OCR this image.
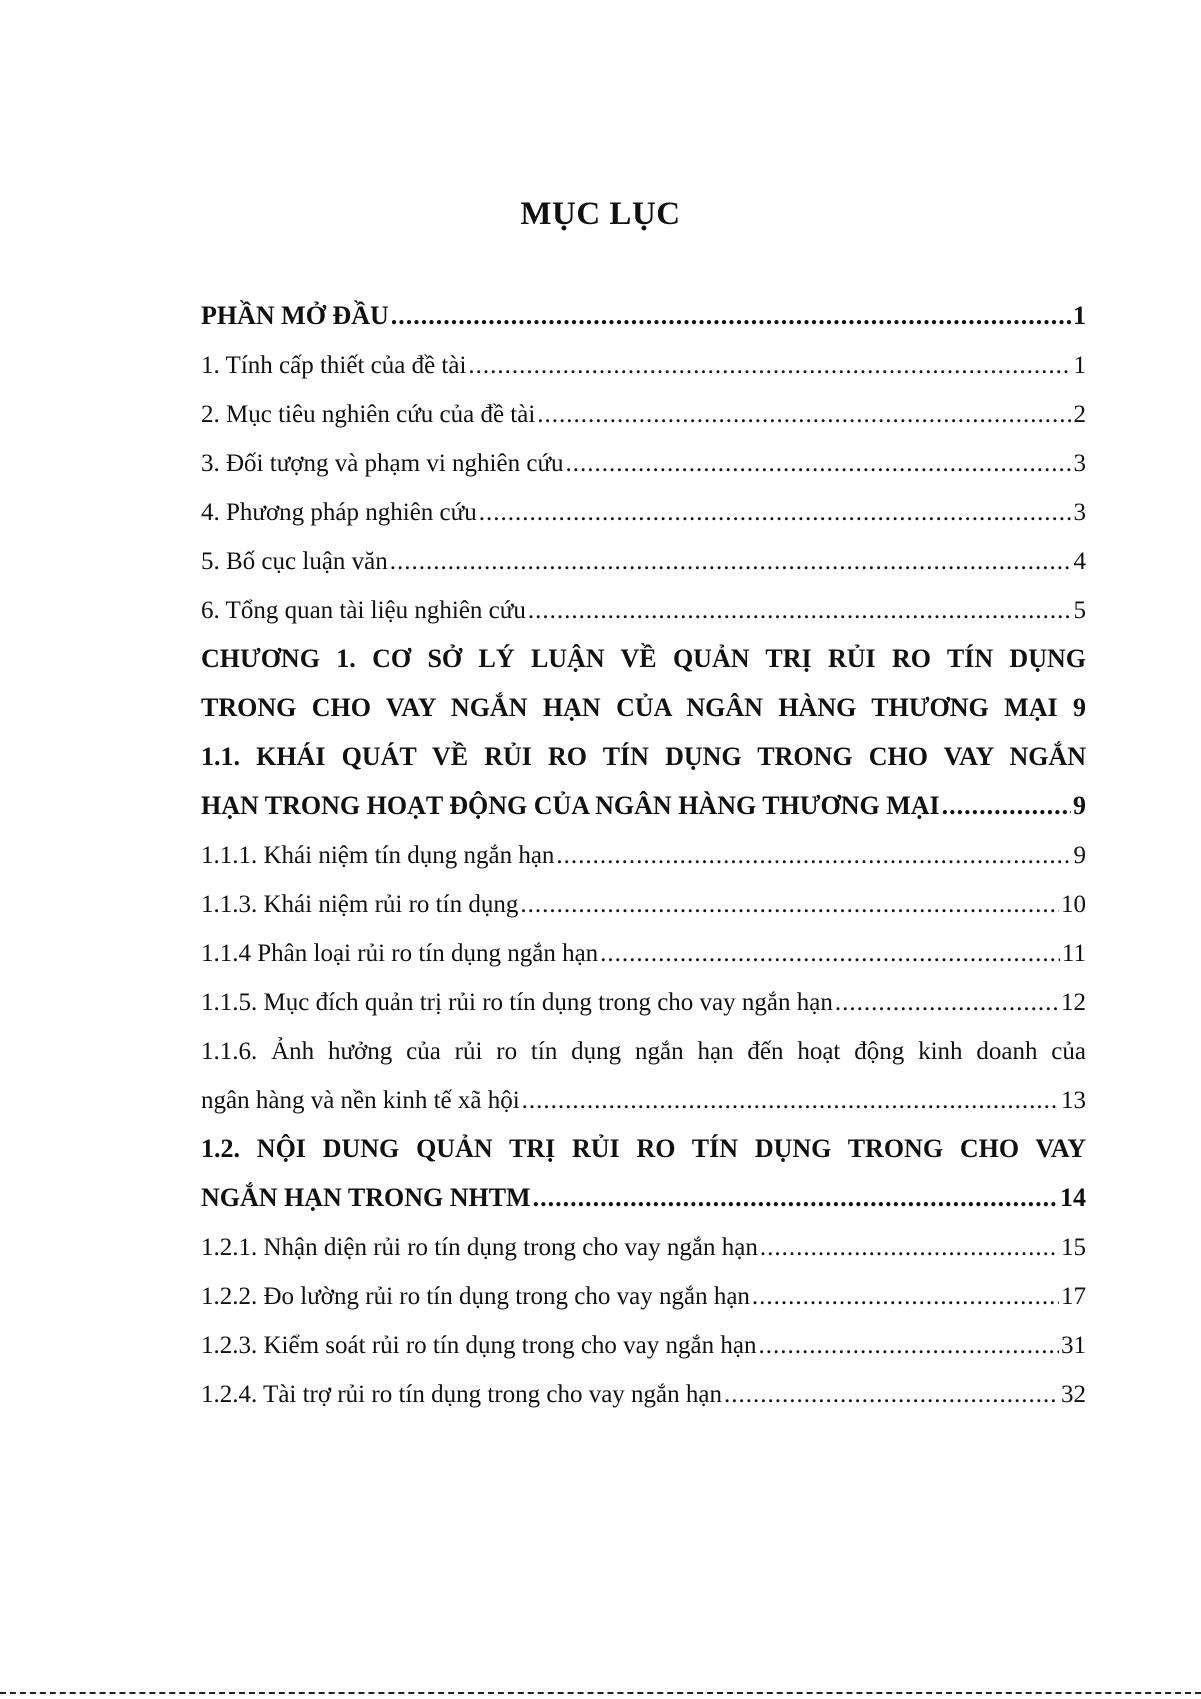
MỤC LỤC
PHẦN MỞ ĐẦU .....	1
1. Tính cấp thiết của đề tài .....	1
2. Mục tiêu nghiên cứu của đề tài .....	2
3. Đối tượng và phạm vi nghiên cứu .....	3
4. Phương pháp nghiên cứu .....	3
5. Bố cục luận văn .....	4
6. Tổng quan tài liệu nghiên cứu .....	5
CHƯƠNG 1. CƠ SỞ LÝ LUẬN VỀ QUẢN TRỊ RỦI RO TÍN DỤNG
TRONG CHO VAY NGẮN HẠN CỦA NGÂN HÀNG THƯƠNG MẠI 9
1.1. KHÁI QUÁT VỀ RỦI RO TÍN DỤNG TRONG CHO VAY NGẮN
HẠN TRONG HOẠT ĐỘNG CỦA NGÂN HÀNG THƯƠNG MẠI .....	9
1.1.1. Khái niệm tín dụng ngắn hạn .....	9
1.1.3. Khái niệm rủi ro tín dụng .....	10
1.1.4 Phân loại rủi ro tín dụng ngắn hạn .....	11
1.1.5. Mục đích quản trị rủi ro tín dụng trong cho vay ngắn hạn .....	12
1.1.6. Ảnh hưởng của rủi ro tín dụng ngắn hạn đến hoạt động kinh doanh của
ngân hàng và nền kinh tế xã hội .....	13
1.2. NỘI DUNG QUẢN TRỊ RỦI RO TÍN DỤNG TRONG CHO VAY
NGẮN HẠN TRONG NHTM .....	14
1.2.1. Nhận diện rủi ro tín dụng trong cho vay ngắn hạn .....	15
1.2.2. Đo lường rủi ro tín dụng trong cho vay ngắn hạn .....	17
1.2.3. Kiểm soát rủi ro tín dụng trong cho vay ngắn hạn .....	31
1.2.4. Tài trợ rủi ro tín dụng trong cho vay ngắn hạn .....	32
